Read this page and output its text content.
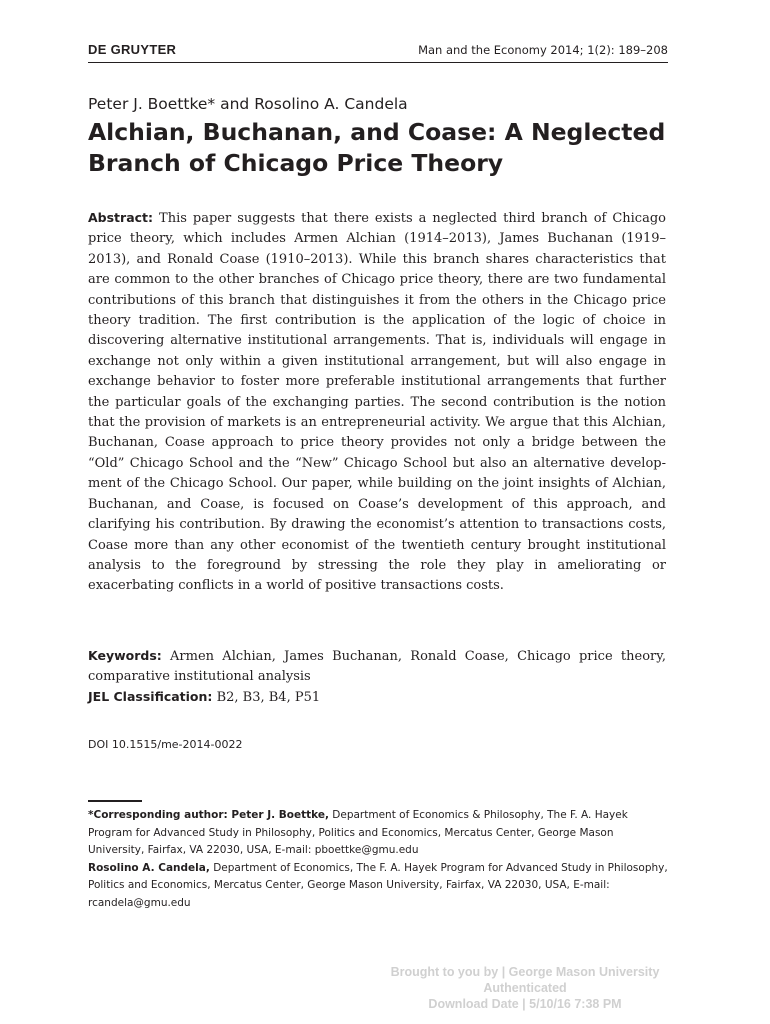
DE GRUYTER	Man and the Economy 2014; 1(2): 189–208
Peter J. Boettke* and Rosolino A. Candela
Alchian, Buchanan, and Coase: A Neglected
Branch of Chicago Price Theory

Abstract: This paper suggests that there exists a neglected third branch of Chicago price theory, which includes Armen Alchian (1914–2013), James Buchanan (1919–2013), and Ronald Coase (1910–2013). While this branch shares characteristics that are common to the other branches of Chicago price theory, there are two fundamental contributions of this branch that distinguishes it from the others in the Chicago price theory tradition. The first contribution is the application of the logic of choice in discovering alternative institutional arrangements. That is, individuals will engage in exchange not only within a given institutional arrangement, but will also engage in exchange behavior to foster more preferable institutional arrangements that further the particular goals of the exchanging parties. The second contribution is the notion that the provision of markets is an entrepreneurial activity. We argue that this Alchian, Buchanan, Coase approach to price theory provides not only a bridge between the “Old” Chicago School and the “New” Chicago School but also an alternative development of the Chicago School. Our paper, while building on the joint insights of Alchian, Buchanan, and Coase, is focused on Coase’s development of this approach, and clarifying his contribution. By drawing the economist’s attention to transactions costs, Coase more than any other economist of the twentieth century brought institutional analysis to the foreground by stressing the role they play in ameliorating or exacerbating conflicts in a world of positive transactions costs.

Keywords: Armen Alchian, James Buchanan, Ronald Coase, Chicago price theory, comparative institutional analysis

JEL Classification: B2, B3, B4, P51

DOI 10.1515/me-2014-0022

*Corresponding author: Peter J. Boettke, Department of Economics & Philosophy, The F. A. Hayek Program for Advanced Study in Philosophy, Politics and Economics, Mercatus Center, George Mason University, Fairfax, VA 22030, USA, E-mail: pboettke@gmu.edu
Rosolino A. Candela, Department of Economics, The F. A. Hayek Program for Advanced Study in Philosophy, Politics and Economics, Mercatus Center, George Mason University, Fairfax, VA 22030, USA, E-mail: rcandela@gmu.edu

Brought to you by | George Mason University
Authenticated
Download Date | 5/10/16 7:38 PM
